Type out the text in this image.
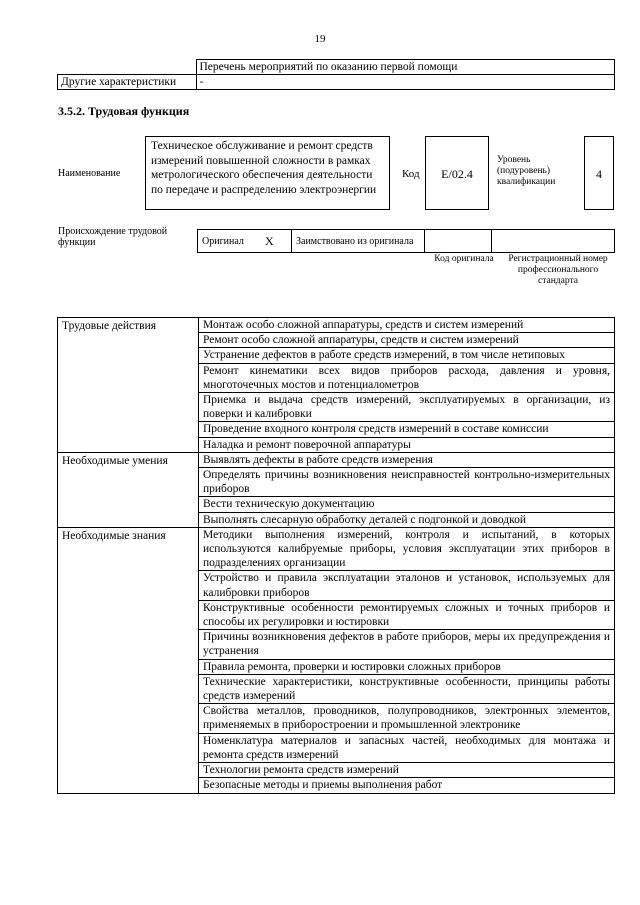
19
	Перечень мероприятий по оказанию первой помощи
Другие характеристики	-
3.5.2. Трудовая функция
Наименование
Техническое обслуживание и ремонт средств измерений повышенной сложности в рамках метрологического обеспечения деятельности по передаче и распределению электроэнергии
Код	E/02.4
Уровень (подуровень) квалификации
4
Происхождение трудовой функции	Оригинал	X	Заимствовано из оригинала		
Код оригинала	Регистрационный номер профессионального стандарта
Трудовые действия	Монтаж особо сложной аппаратуры, средств и систем измерений
	Ремонт особо сложной аппаратуры, средств и систем измерений
	Устранение дефектов в работе средств измерений, в том числе нетиповых
	Ремонт кинематики всех видов приборов расхода, давления и уровня, многоточечных мостов и потенциалометров
	Приемка и выдача средств измерений, эксплуатируемых в организации, из поверки и калибровки
	Проведение входного контроля средств измерений в составе комиссии
	Наладка и ремонт поверочной аппаратуры
Необходимые умения	Выявлять дефекты в работе средств измерения
	Определять причины возникновения неисправностей контрольно-измерительных приборов
	Вести техническую документацию
	Выполнять слесарную обработку деталей с подгонкой и доводкой
Необходимые знания	Методики выполнения измерений, контроля и испытаний, в которых используются калибруемые приборы, условия эксплуатации этих приборов в подразделениях организации
	Устройство и правила эксплуатации эталонов и установок, используемых для калибровки приборов
	Конструктивные особенности ремонтируемых сложных и точных приборов и способы их регулировки и юстировки
	Причины возникновения дефектов в работе приборов, меры их предупреждения и устранения
	Правила ремонта, проверки и юстировки сложных приборов
	Технические характеристики, конструктивные особенности, принципы работы средств измерений
	Свойства металлов, проводников, полупроводников, электронных элементов, применяемых в приборостроении и промышленной электронике
	Номенклатура материалов и запасных частей, необходимых для монтажа и ремонта средств измерений
	Технологии ремонта средств измерений
	Безопасные методы и приемы выполнения работ
